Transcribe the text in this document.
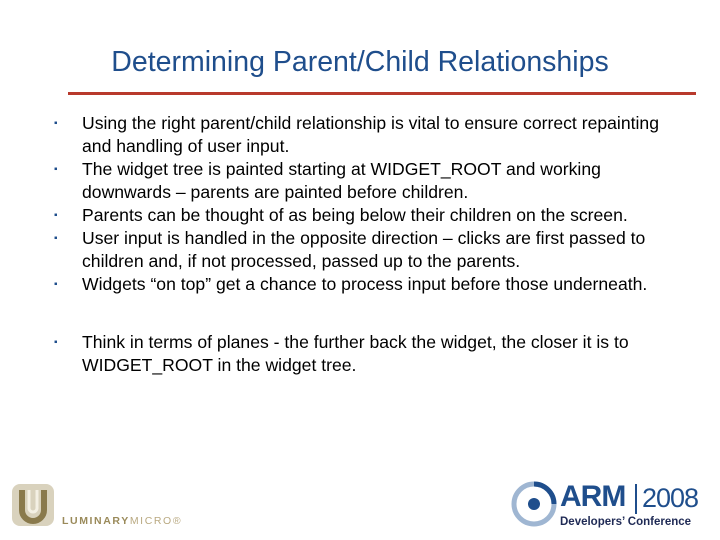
Determining Parent/Child Relationships
▪ Using the right parent/child relationship is vital to ensure correct repainting and handling of user input.
▪ The widget tree is painted starting at WIDGET_ROOT and working downwards – parents are painted before children.
▪ Parents can be thought of as being below their children on the screen.
▪ User input is handled in the opposite direction – clicks are first passed to children and, if not processed, passed up to the parents.
▪ Widgets “on top” get a chance to process input before those underneath.
▪ Think in terms of planes - the further back the widget, the closer it is to WIDGET_ROOT in the widget tree.
LUMINARYMICRO®
ARM 2008
Developers’ Conference
